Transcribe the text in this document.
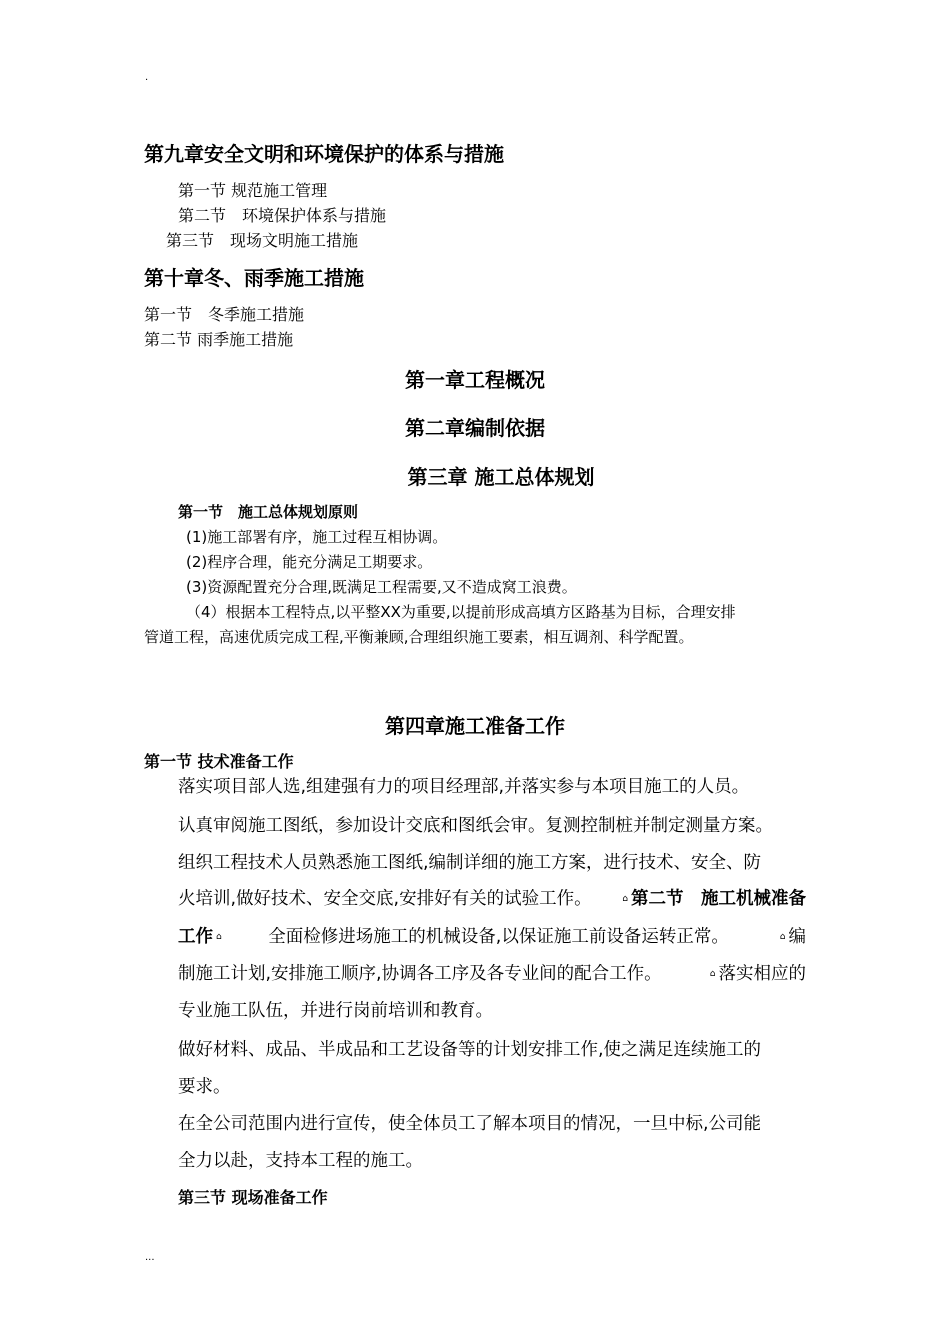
.
第九章安全文明和环境保护的体系与措施
第一节 规范施工管理
第二节　环境保护体系与措施
第三节　现场文明施工措施
第十章冬、雨季施工措施
第一节　冬季施工措施
第二节 雨季施工措施
第一章工程概况
第二章编制依据
第三章 施工总体规划
第一节　施工总体规划原则
(1)施工部署有序，施工过程互相协调。
(2)程序合理，能充分满足工期要求。
(3)资源配置充分合理,既满足工程需要,又不造成窝工浪费。
（4）根据本工程特点,以平整XX为重要,以提前形成高填方区路基为目标，合理安排
管道工程，高速优质完成工程,平衡兼顾,合理组织施工要素，相互调剂、科学配置。
第四章施工准备工作
第一节 技术准备工作
落实项目部人选,组建强有力的项目经理部,并落实参与本项目施工的人员。
认真审阅施工图纸，参加设计交底和图纸会审。复测控制桩并制定测量方案。
组织工程技术人员熟悉施工图纸,编制详细的施工方案，进行技术、安全、防
火培训,做好技术、安全交底,安排好有关的试验工作。	⌂ 第二节　施工机械准备
工作 ⌂	全面检修进场施工的机械设备,以保证施工前设备运转正常。	⌂ 编
制施工计划,安排施工顺序,协调各工序及各专业间的配合工作。	⌂ 落实相应的
专业施工队伍，并进行岗前培训和教育。
做好材料、成品、半成品和工艺设备等的计划安排工作,使之满足连续施工的
要求。
在全公司范围内进行宣传，使全体员工了解本项目的情况，一旦中标,公司能
全力以赴，支持本工程的施工。
第三节 现场准备工作
...
